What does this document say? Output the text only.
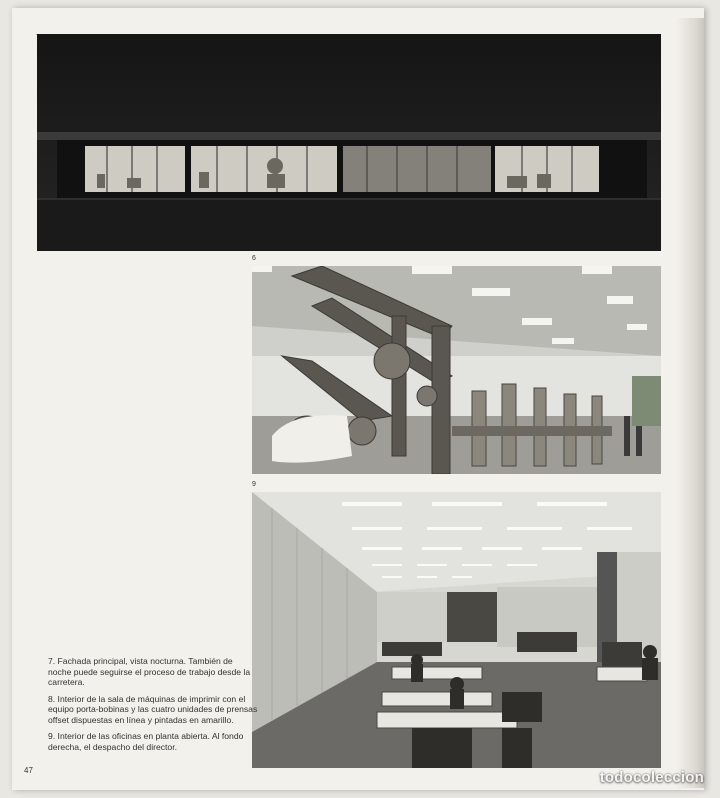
6
9

7. Fachada principal, vista nocturna. También de noche puede seguirse el proceso de trabajo desde la carretera.

8. Interior de la sala de máquinas de imprimir con el equipo porta-bobinas y las cuatro unidades de prensas offset dispuestas en línea y pintadas en amarillo.

9. Interior de las oficinas en planta abierta. Al fondo derecha, el despacho del director.

47	todocoleccion
